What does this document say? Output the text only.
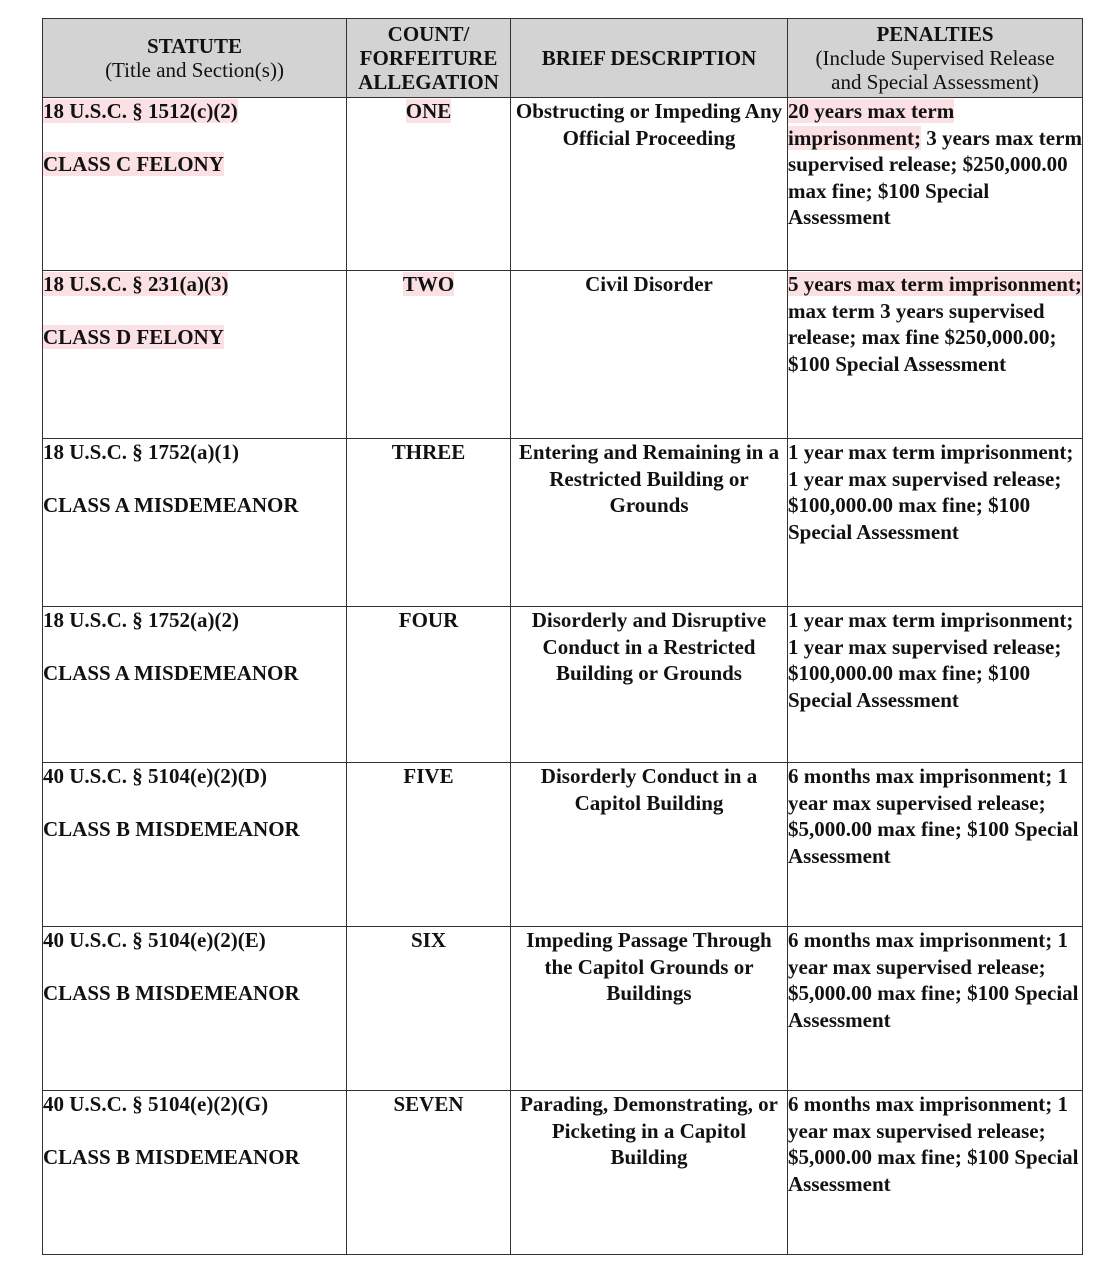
STATUTE
(Title and Section(s))	COUNT/
FORFEITURE
ALLEGATION	BRIEF DESCRIPTION	PENALTIES
(Include Supervised Release
and Special Assessment)

18 U.S.C. § 1512(c)(2)
CLASS C FELONY	ONE	Obstructing or Impeding Any Official Proceeding	20 years max term imprisonment; 3 years max term supervised release; $250,000.00 max fine; $100 Special Assessment
18 U.S.C. § 231(a)(3)
CLASS D FELONY	TWO	Civil Disorder	5 years max term imprisonment; max term 3 years supervised release; max fine $250,000.00; $100 Special Assessment
18 U.S.C. § 1752(a)(1)
CLASS A MISDEMEANOR	THREE	Entering and Remaining in a Restricted Building or Grounds	1 year max term imprisonment; 1 year max supervised release; $100,000.00 max fine; $100 Special Assessment
18 U.S.C. § 1752(a)(2)
CLASS A MISDEMEANOR	FOUR	Disorderly and Disruptive Conduct in a Restricted Building or Grounds	1 year max term imprisonment; 1 year max supervised release; $100,000.00 max fine; $100 Special Assessment
40 U.S.C. § 5104(e)(2)(D)
CLASS B MISDEMEANOR	FIVE	Disorderly Conduct in a Capitol Building	6 months max imprisonment; 1 year max supervised release; $5,000.00 max fine; $100 Special Assessment
40 U.S.C. § 5104(e)(2)(E)
CLASS B MISDEMEANOR	SIX	Impeding Passage Through the Capitol Grounds or Buildings	6 months max imprisonment; 1 year max supervised release; $5,000.00 max fine; $100 Special Assessment
40 U.S.C. § 5104(e)(2)(G)
CLASS B MISDEMEANOR	SEVEN	Parading, Demonstrating, or Picketing in a Capitol Building	6 months max imprisonment; 1 year max supervised release; $5,000.00 max fine; $100 Special Assessment
